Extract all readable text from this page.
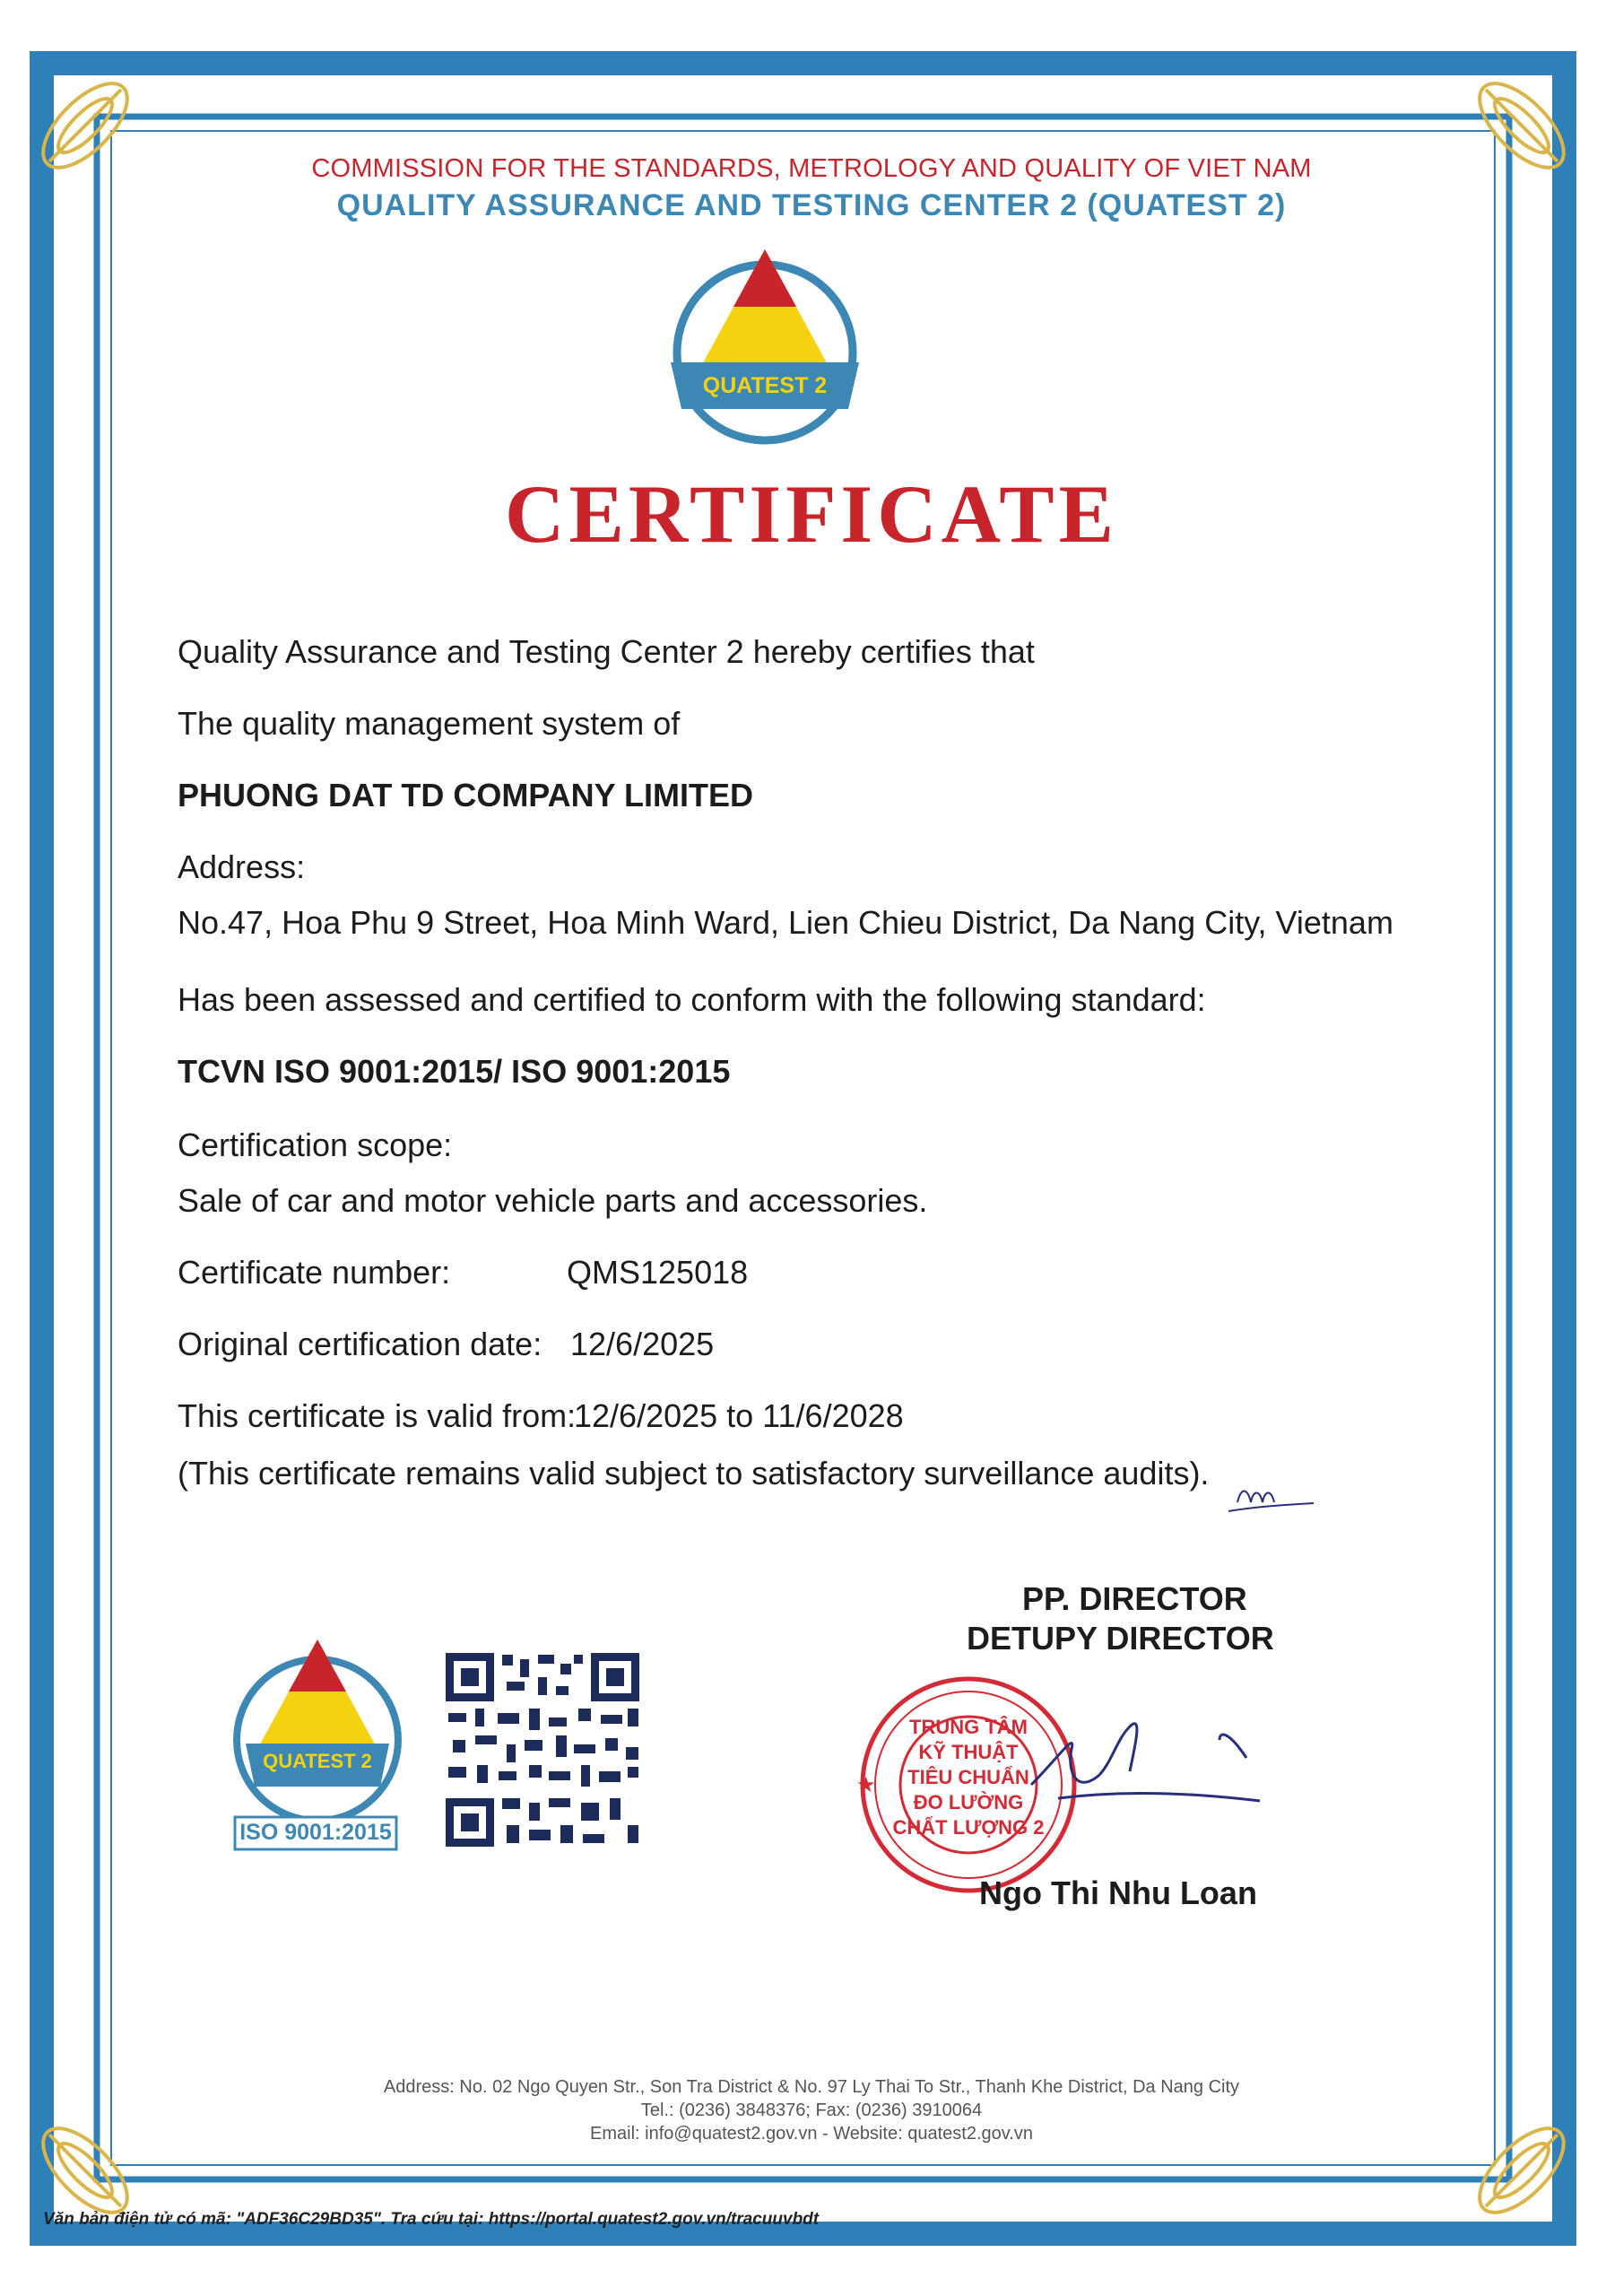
★
COMMISSION FOR THE STANDARDS, METROLOGY AND QUALITY OF VIET NAM
QUALITY ASSURANCE AND TESTING CENTER 2 (QUATEST 2)
QUATEST 2
CERTIFICATE
Quality Assurance and Testing Center 2 hereby certifies that
The quality management system of
PHUONG DAT TD COMPANY LIMITED
Address:
No.47, Hoa Phu 9 Street, Hoa Minh Ward, Lien Chieu District, Da Nang City, Vietnam
Has been assessed and certified to conform with the following standard:
TCVN ISO 9001:2015/ ISO 9001:2015
Certification scope:
Sale of car and motor vehicle parts and accessories.
Certificate number:	QMS125018
Original certification date: 12/6/2025
This certificate is valid from:
12/6/2025 to 11/6/2028
(This certificate remains valid subject to satisfactory surveillance audits).
QUATEST 2
ISO 9001:2015
TRUNG TÂM
KỸ THUẬT
TIÊU CHUẨN
ĐO LƯỜNG
CHẤT LƯỢNG 2
PP. DIRECTOR
DETUPY DIRECTOR
Ngo Thi Nhu Loan
Address: No. 02 Ngo Quyen Str., Son Tra District & No. 97 Ly Thai To Str., Thanh Khe District, Da Nang City
Tel.: (0236) 3848376; Fax: (0236) 3910064
Email: info@quatest2.gov.vn - Website: quatest2.gov.vn
Văn bản điện tử có mã: "ADF36C29BD35". Tra cứu tại: https://portal.quatest2.gov.vn/tracuuvbdt
